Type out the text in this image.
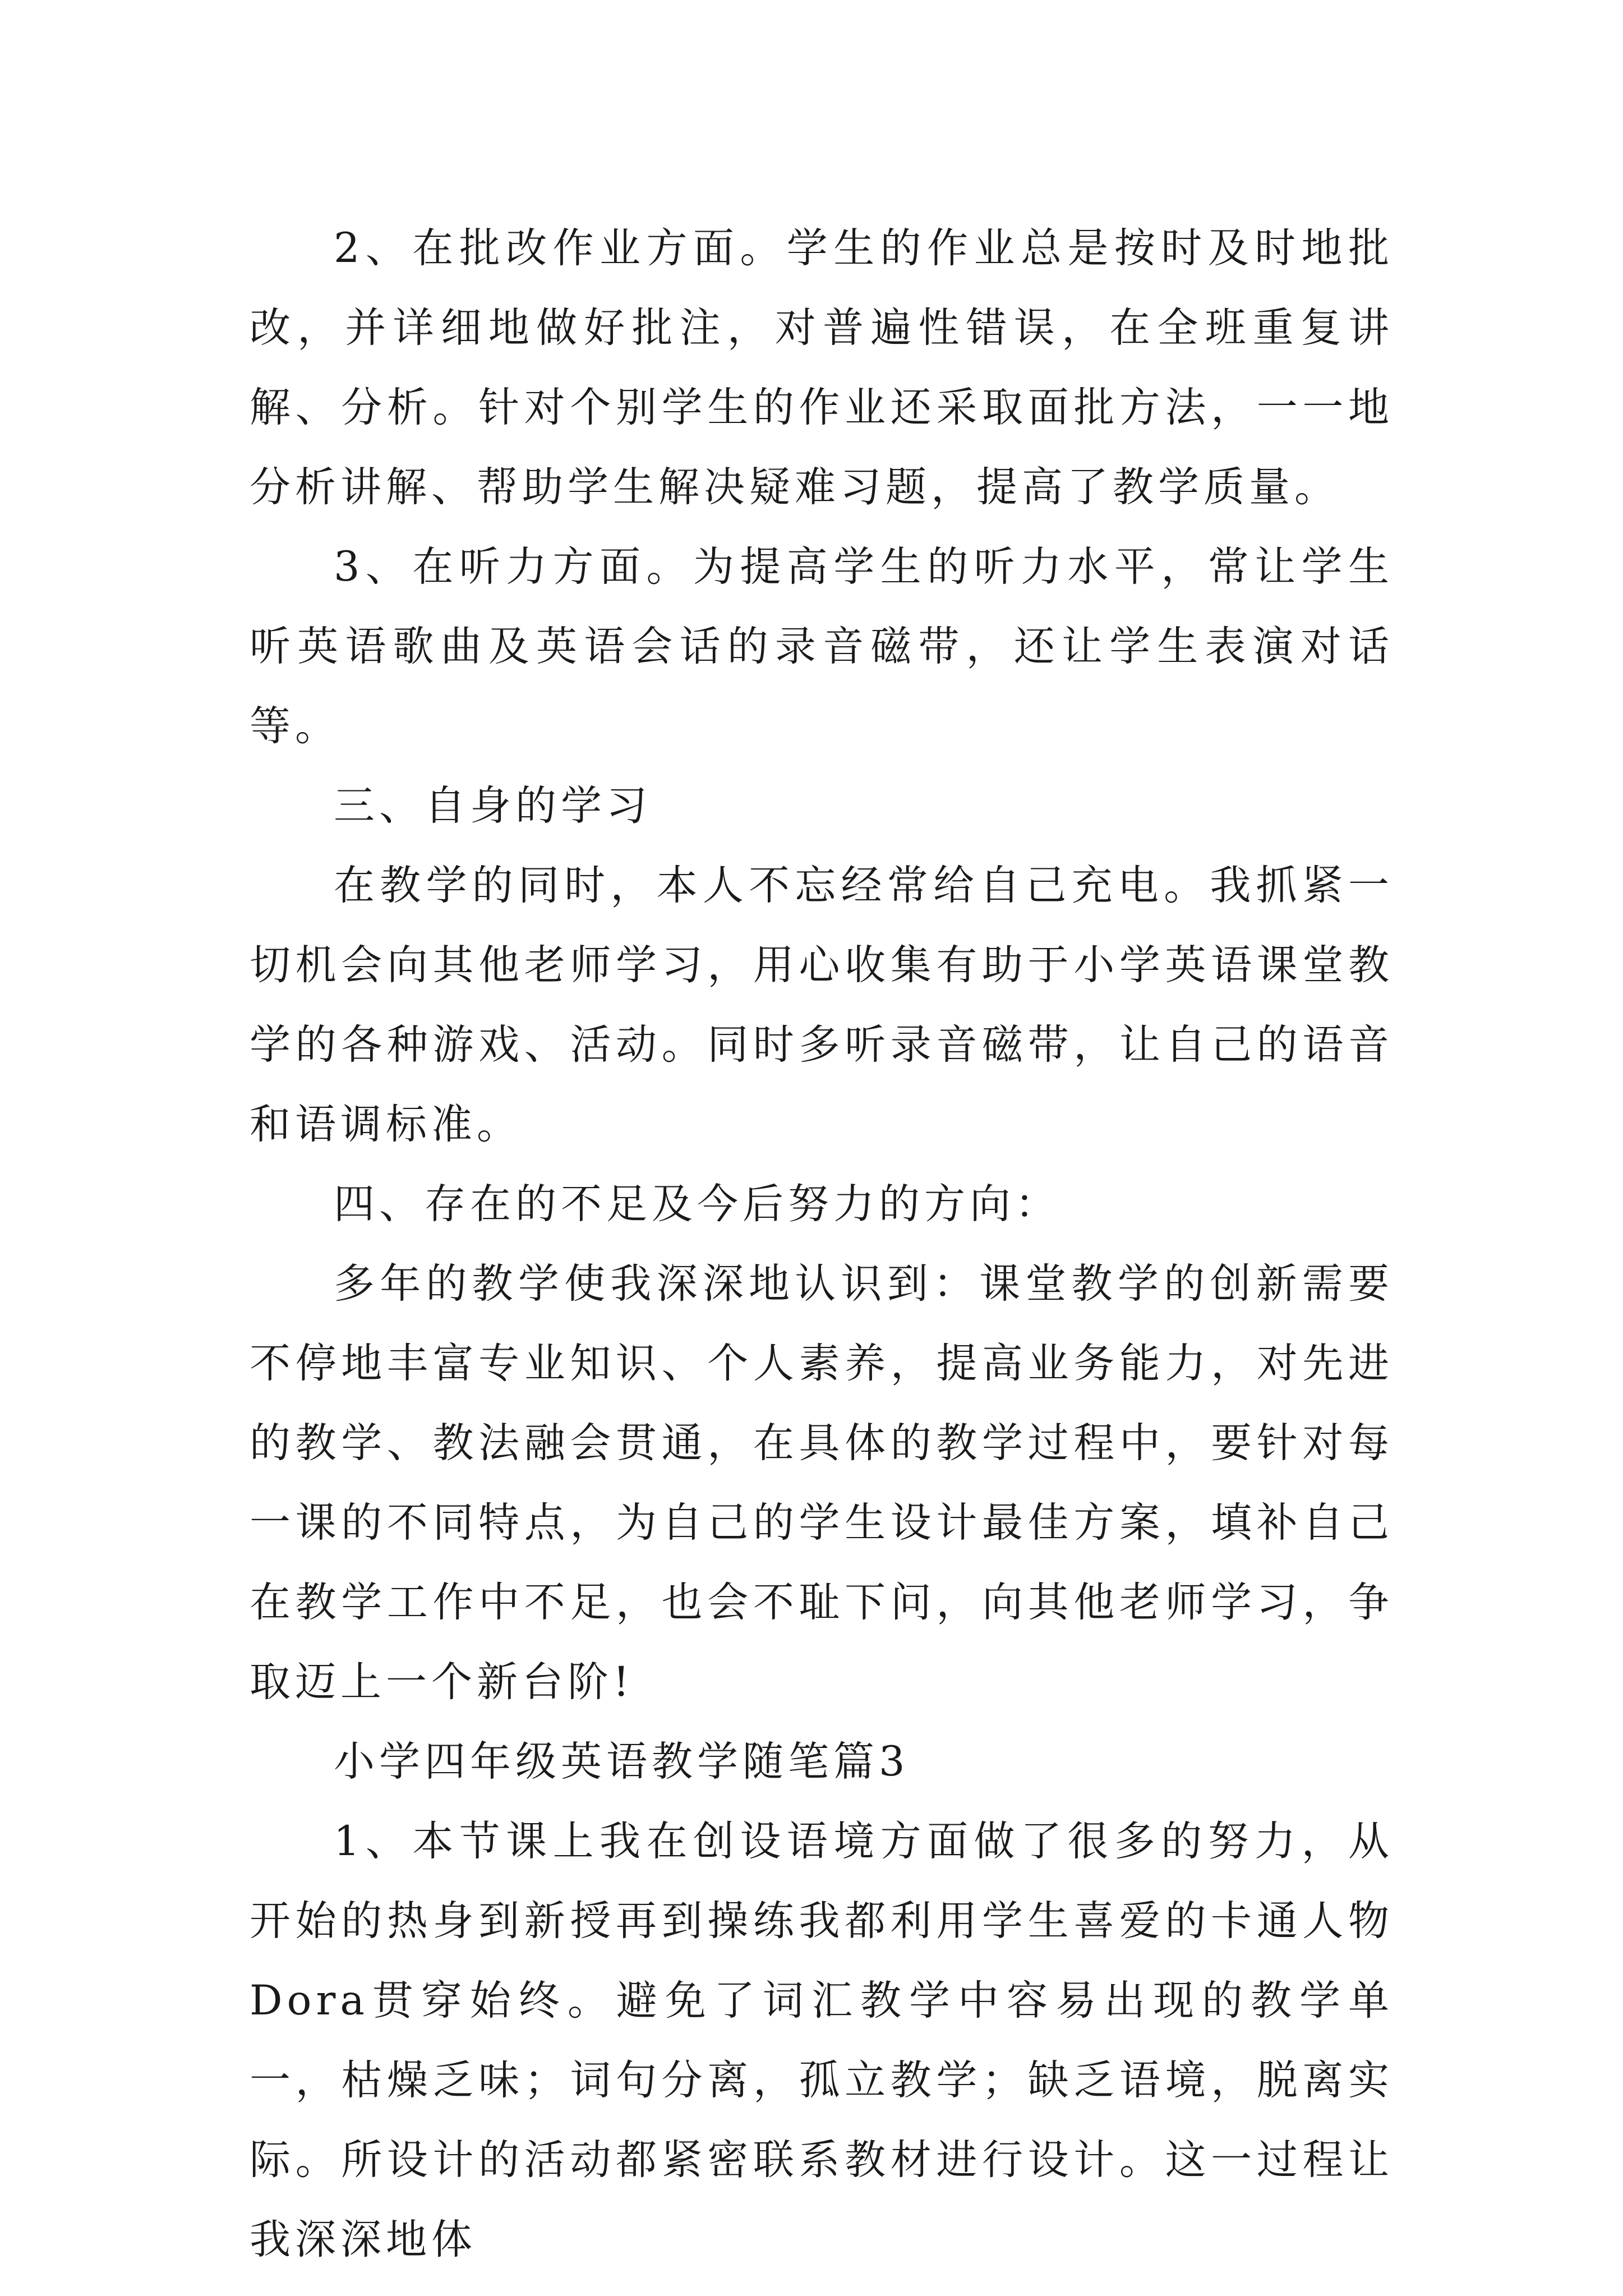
2、在批改作业方面。学生的作业总是按时及时地批改，并详细地做好批注，对普遍性错误，在全班重复讲解、分析。针对个别学生的作业还采取面批方法，一一地分析讲解、帮助学生解决疑难习题，提高了教学质量。

3、在听力方面。为提高学生的听力水平，常让学生听英语歌曲及英语会话的录音磁带，还让学生表演对话等。

三、自身的学习

在教学的同时，本人不忘经常给自己充电。我抓紧一切机会向其他老师学习，用心收集有助于小学英语课堂教学的各种游戏、活动。同时多听录音磁带，让自己的语音和语调标准。

四、存在的不足及今后努力的方向：

多年的教学使我深深地认识到：课堂教学的创新需要不停地丰富专业知识、个人素养，提高业务能力，对先进的教学、教法融会贯通，在具体的教学过程中，要针对每一课的不同特点，为自己的学生设计最佳方案，填补自己在教学工作中不足，也会不耻下问，向其他老师学习，争取迈上一个新台阶!

小学四年级英语教学随笔篇3

1、本节课上我在创设语境方面做了很多的努力，从开始的热身到新授再到操练我都利用学生喜爱的卡通人物Dora贯穿始终。避免了词汇教学中容易出现的教学单一，枯燥乏味；词句分离，孤立教学；缺乏语境，脱离实际。所设计的活动都紧密联系教材进行设计。这一过程让我深深地体
